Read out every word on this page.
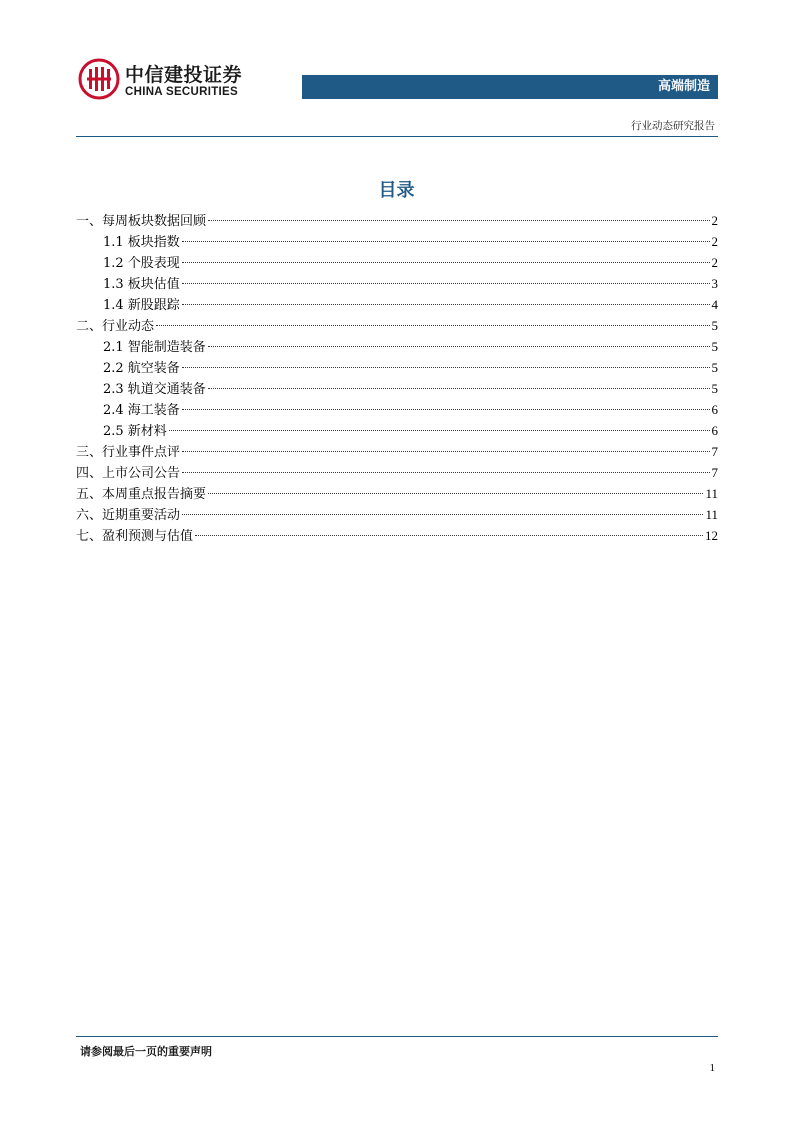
中信建投证券
CHINA SECURITIES	高端制造
行业动态研究报告
目录
一、每周板块数据回顾	2
1.1 板块指数	2
1.2 个股表现	2
1.3 板块估值	3
1.4 新股跟踪	4
二、行业动态	5
2.1 智能制造装备	5
2.2 航空装备	5
2.3 轨道交通装备	5
2.4 海工装备	6
2.5 新材料	6
三、行业事件点评	7
四、上市公司公告	7
五、本周重点报告摘要	11
六、近期重要活动	11
七、盈利预测与估值	12
请参阅最后一页的重要声明
1
